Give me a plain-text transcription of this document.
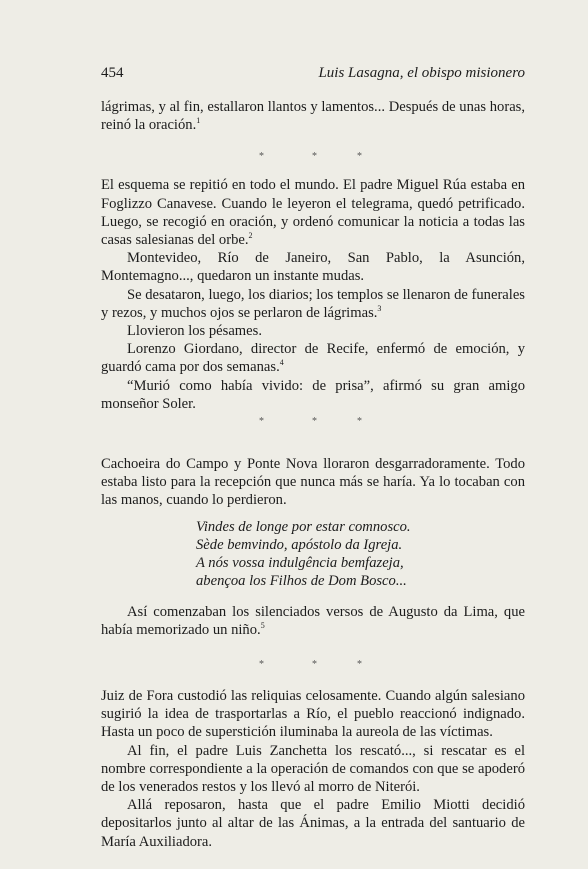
454	Luis Lasagna, el obispo misionero

lágrimas, y al fin, estallaron llantos y lamentos... Después de unas horas, reinó la oración.$^1$

*	*	*

El esquema se repitió en todo el mundo. El padre Miguel Rúa estaba en Foglizzo Canavese. Cuando le leyeron el telegrama, quedó petrificado. Luego, se recogió en oración, y ordenó comunicar la noticia a todas las casas salesianas del orbe.$^2$

Montevideo, Río de Janeiro, San Pablo, la Asunción, Montemagno..., quedaron un instante mudas.

Se desataron, luego, los diarios; los templos se llenaron de funerales y rezos, y muchos ojos se perlaron de lágrimas.$^3$

Llovieron los pésames.

Lorenzo Giordano, director de Recife, enfermó de emoción, y guardó cama por dos semanas.$^4$

“Murió como había vivido: de prisa”, afirmó su gran amigo monseñor Soler.

*	*	*

Cachoeira do Campo y Ponte Nova lloraron desgarradoramente. Todo estaba listo para la recepción que nunca más se haría. Ya lo tocaban con las manos, cuando lo perdieron.

Vindes de longe por estar comnosco.
Sède bemvindo, apóstolo da Igreja.
A nós vossa indulgência bemfazeja,
abençoa los Filhos de Dom Bosco...

Así comenzaban los silenciados versos de Augusto da Lima, que había memorizado un niño.$^5$

*	*	*

Juiz de Fora custodió las reliquias celosamente. Cuando algún salesiano sugirió la idea de trasportarlas a Río, el pueblo reaccionó indignado. Hasta un poco de superstición iluminaba la aureola de las víctimas.

Al fin, el padre Luis Zanchetta los rescató..., si rescatar es el nombre correspondiente a la operación de comandos con que se apoderó de los venerados restos y los llevó al morro de Niterói.

Allá reposaron, hasta que el padre Emilio Miotti decidió depositarlos junto al altar de las Ánimas, a la entrada del santuario de María Auxiliadora.
